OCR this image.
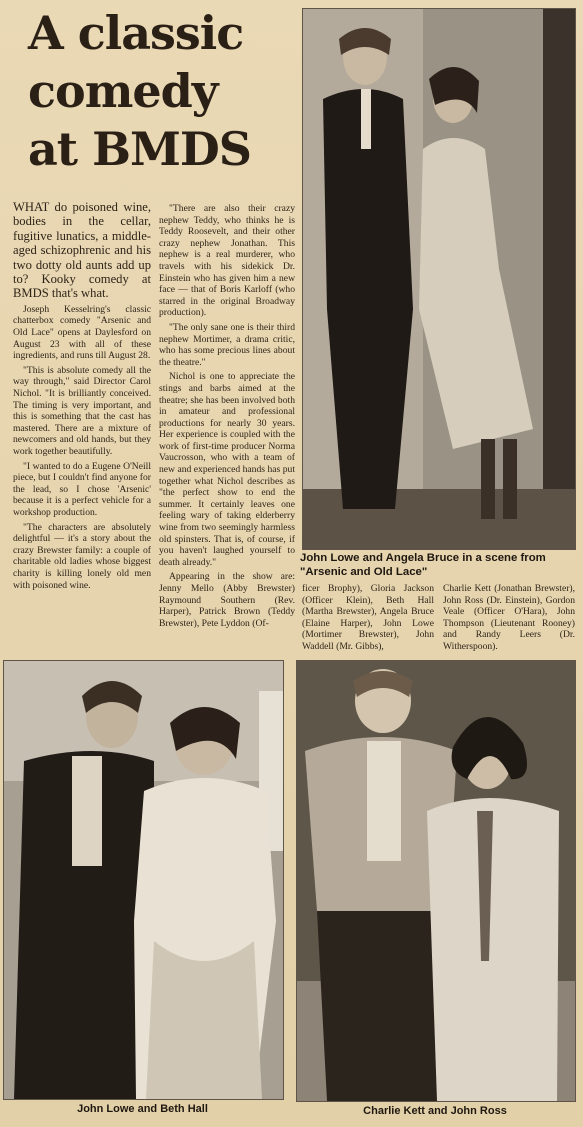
A classic
comedy
at BMDS

WHAT do poisoned wine, bodies in the cellar, fugitive lunatics, a middle-aged schizophrenic and his two dotty old aunts add up to? Kooky comedy at BMDS that's what.

Joseph Kesselring's classic chatterbox comedy "Arsenic and Old Lace" opens at Daylesford on August 23 with all of these ingredients, and runs till August 28.

"This is absolute comedy all the way through," said Director Carol Nichol. "It is brilliantly conceived. The timing is very important, and this is something that the cast has mastered. There are a mixture of newcomers and old hands, but they work together beautifully.

"I wanted to do a Eugene O'Neill piece, but I couldn't find anyone for the lead, so I chose 'Arsenic' because it is a perfect vehicle for a workshop production.

"The characters are absolutely delightful — it's a story about the crazy Brewster family: a couple of charitable old ladies whose biggest charity is killing lonely old men with poisoned wine.

"There are also their crazy nephew Teddy, who thinks he is Teddy Roosevelt, and their other crazy nephew Jonathan. This nephew is a real murderer, who travels with his sidekick Dr. Einstein who has given him a new face — that of Boris Karloff (who starred in the original Broadway production).

"The only sane one is their third nephew Mortimer, a drama critic, who has some precious lines about the theatre."

Nichol is one to appreciate the stings and barbs aimed at the theatre; she has been involved both in amateur and professional productions for nearly 30 years. Her experience is coupled with the work of first-time producer Norma Vaucrosson, who with a team of new and experienced hands has put together what Nichol describes as "the perfect show to end the summer. It certainly leaves one feeling wary of taking elderberry wine from two seemingly harmless old spinsters. That is, of course, if you haven't laughed yourself to death already."

Appearing in the show are: Jenny Mello (Abby Brewster) Raymound Southern (Rev. Harper), Patrick Brown (Teddy Brewster), Pete Lyddon (Of-

John Lowe and Angela Bruce in a scene from "Arsenic and Old Lace"
ficer Brophy), Gloria Jackson (Officer Klein), Beth Hall (Martha Brewster), Angela Bruce (Elaine Harper), John Lowe (Mortimer Brewster), John Waddell (Mr. Gibbs),
Charlie Kett (Jonathan Brewster), John Ross (Dr. Einstein), Gordon Veale (Officer O'Hara), John Thompson (Lieutenant Rooney) and Randy Leers (Dr. Witherspoon).
John Lowe and Beth Hall	Charlie Kett and John Ross
